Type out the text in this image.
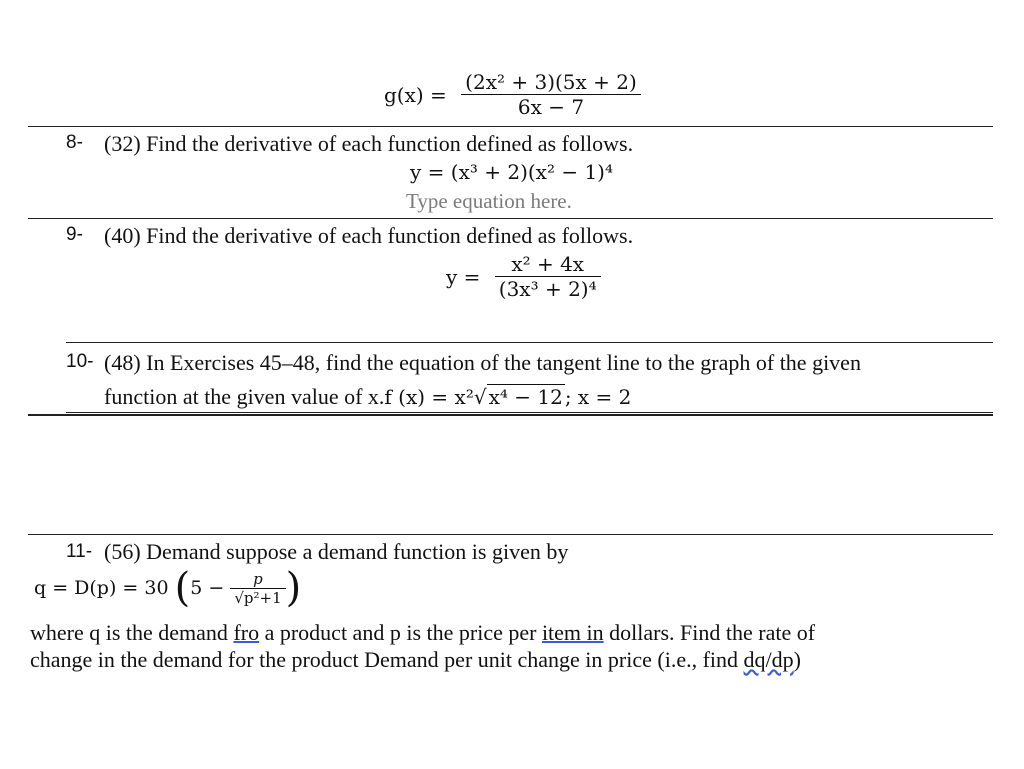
$g(x) = \frac{\text{(2x² + 3)(5x + 2)}}{6x - 7}$
8- (32) Find the derivative of each function defined as follows.
y = (x³ + 2)(x² − 1)⁴
Type equation here.
9- (40) Find the derivative of each function defined as follows.
$y = \frac{\text{x² + 4x}}{\text{(3x³ + 2)⁴}}$
10- (48) In Exercises 45–48, find the equation of the tangent line to the graph of the given
function at the given value of x.f (x) = x²√ x⁴ − 12 ; x = 2
11- (56) Demand suppose a demand function is given by
q = D(p) = 30 ($5 - \frac{p}{\text{√p²+1}}$ )
where q is the demand fro a product and p is the price per item in dollars. Find the rate of
change in the demand for the product Demand per unit change in price (i.e., find dq/dp)
